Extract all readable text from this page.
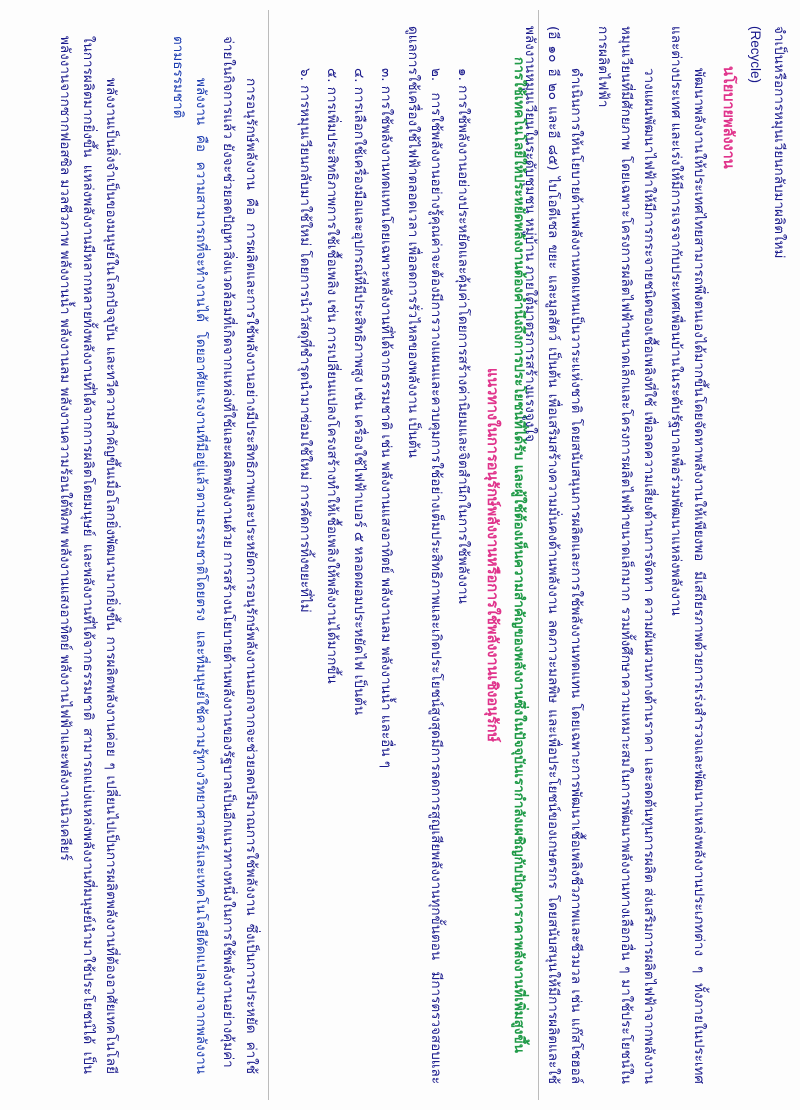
การอนุรักษ์พลังงาน คือ การผลิตและการใช้พลังงานอย่างมีประสิทธิภาพและประหยัดการอนุรักษ์พลังงานนอกจากจะช่วยลดปริมาณการใช้พลังงาน ซึ่งเป็นการประหยัด ค่าใช้จ่ายในกิจการแล้ว ยังจะช่วยลดปัญหาสิ่งแวดล้อมที่เกิดจากแหล่งที่ใช้และผลิตพลังงานด้วย การสร้างนโยบายด้านพลังงานของรัฐบาลเป็นอีกแนวทางหนึ่งในการใช้พลังงานอย่างคุ้มค่า

พลังงาน คือ ความสามารถที่จะทำงานได้ โดยอาศัยแรงงานที่มีอยู่แล้วตามธรรมชาติโดยตรง และที่มนุษย์ใช้ความรู้ทางวิทยาศาสตร์และเทคโนโลยีดัดแปลงมาจากพลังงานตามธรรมชาติ

พลังงานเป็นสิ่งจำเป็นของมนุษย์ในโลกปัจจุบัน และทวีความสำคัญขึ้นเมื่อโลกยิ่งพัฒนามากยิ่งขึ้น การผลิตพลังงานค่อย ๆ เปลี่ยนไปเป็นการผลิตพลังงานที่ต้องอาศัยเทคโนโลยีในการผลิตมากยิ่งขึ้น แหล่งพลังงานมีหลากหลายทั้งพลังงานที่ได้จากการผลิตโดยมนุษย์ และพลังงานที่ได้จากธรรมชาติ สามารถแบ่งแหล่งพลังงานที่มนุษย์นำมาใช้ประโยชน์ได้ เป็น พลังงานจากซากฟอสซิล มวลชีวภาพ พลังงานน้ำ พลังงานลม พลังงานความร้อนใต้พิภพ พลังงานแสงอาทิตย์ พลังงานไฟฟ้าและพลังงานนิวเคลียร์	การใช้เทคโนโลยีให้ประหยัดพลังงานต้องคำนึงถึงการประโยชน์ที่ได้รับ และผู้ใช้ต้องเห็นความสำคัญของพลังงานซึ่งในปัจจุบันเรากำลังเผชิญกับปัญหาราคาพลังงานที่เพิ่มสูงขึ้น

แนวทางในการอนุรักษ์พลังงานหรือการใช้พลังงานเชิงอนุรักษ์

๑. การใช้พลังงานอย่างประหยัดและคุ้มค่าโดยการสร้างค่านิยมและจิตสำนึกในการใช้พลังงาน

๒. การใช้พลังงานอย่างรู้คุณค่าจะต้องมีการวางแผนและควบคุมการใช้อย่างเต็มประสิทธิภาพและเกิดประโยชน์สูงสุดมีการลดการสูญเสียพลังงานทุกขั้นตอน มีการตรวจสอบและดูแลการใช้เครื่องใช้ไฟฟ้าตลอดเวลา เพื่อลดการรั่วไหลของพลังงาน เป็นต้น

๓. การใช้พลังงานทดแทนโดยเฉพาะพลังงานที่ได้จากธรรมชาติ เช่น พลังงานแสงอาทิตย์ พลังงานลม พลังงานน้ำ และอื่น ๆ

๔. การเลือกใช้เครื่องมือและอุปกรณ์ที่มีประสิทธิภาพสูง เช่น เครื่องใช้ไฟฟ้าเบอร์ ๕ หลอดผอมประหยัดไฟ เป็นต้น

๕. การเพิ่มประสิทธิภาพการใช้เชื้อเพลิง เช่น การเปลี่ยนแปลงโครงสร้างทำให้เชื้อเพลิงให้พลังงานได้มากขึ้น

๖. การหมุนเวียนกลับมาใช้ใหม่ โดยการนำวัสดุที่ชำรุดนำมาซ่อมใช้ใหม่ การคัดการทิ้งขยะที่ไม่	จำเป็นหรือการหมุนเวียนกลับมาผลิตใหม่
(Recycle)

นโยบายพลังงาน

พัฒนาพลังงานให้ประเทศไทยสามารถพึ่งตนเองได้มากขึ้นโดยจัดหาพลังงานให้เพียงพอ มีเสถียรภาพด้วยการเร่งสำรวจและพัฒนาแหล่งพลังงานประเภทต่าง ๆ ทั้งภายในประเทศและต่างประเทศ และเร่งให้มีการเจรจากับประเทศเพื่อนบ้านในระดับรัฐบาลเพื่อร่วมพัฒนาแหล่งพลังงาน

วางแผนพัฒนาไฟฟ้าให้มีการกระจายชนิดของเชื้อเพลิงที่ใช้ เพื่อลดความเสี่ยงด้านการจัดหา ความผันผวนทางด้านราคา และลดต้นทุนการผลิต ส่งเสริมการผลิตไฟฟ้าจากพลังงานหมุนเวียนที่มีศักยภาพ โดยเฉพาะโครงการผลิตไฟฟ้าขนาดเล็กและโครงการผลิตไฟฟ้าขนาดเล็กมาก รวมทั้งศึกษาความเหมาะสมในการพัฒนาพลังงานทางเลือกอื่น ๆ มาใช้ประโยชน์ในการผลิตไฟฟ้า

ดำเนินการให้นโยบายด้านพลังงานทดแทนเป็นวาระแห่งชาติ โดยสนับสนุนการผลิตและการใช้พลังงานทดแทน โดยเฉพาะการพัฒนาเชื้อเพลิงชีวภาพและชีวมวล เช่น แก๊สโซฮอล์ (อี ๑๐ อี ๒๐ และอี ๘๕) ไบโอดีเซล ขยะ และมูลสัตว์ เป็นต้น เพื่อเสริมสร้างความมั่นคงด้านพลังงาน ลดภาวะมลพิษ และเพื่อประโยชน์ของเกษตรกร โดยสนับสนุนให้มีการผลิตและใช้พลังงานหมุนเวียนในระดับชุมชน หมู่บ้าน ภายใต้มาตรการสร้างแรงจูงใจ
